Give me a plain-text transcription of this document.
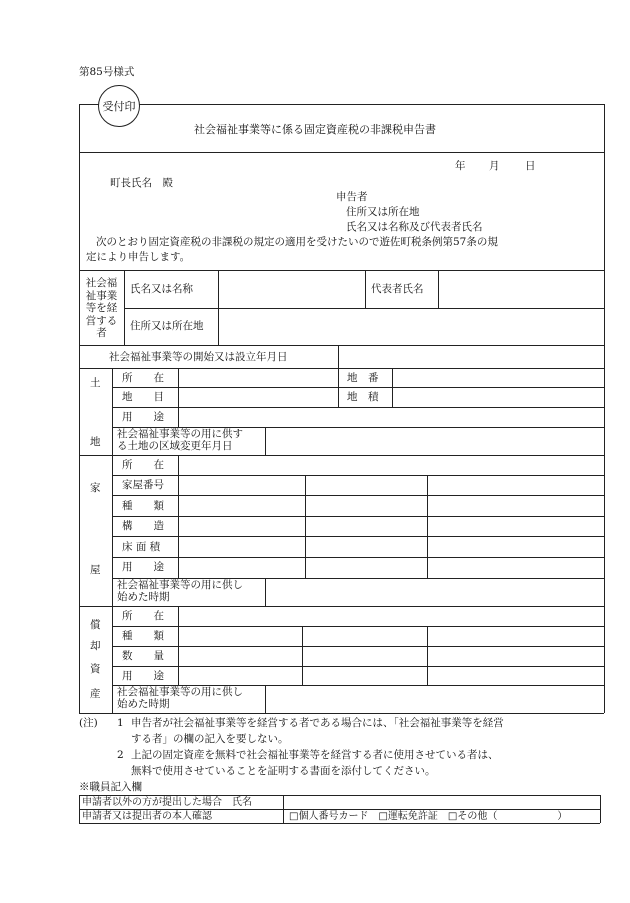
第85号様式
受付印
社会福祉事業等に係る固定資産税の非課税申告書
年 月 日
町長氏名　殿
申告者
住所又は所在地
氏名又は名称及び代表者氏名
次のとおり固定資産税の非課税の規定の適用を受けたいので遊佐町税条例第57条の規
定により申告します。
社会福
祉事業
等を経
営する
者
氏名又は名称	代表者氏名
住所又は所在地
社会福祉事業等の開始又は設立年月日
土
地
所　　在	地　番
地　　目	地　積
用　　途
社会福祉事業等の用に供す
る土地の区域変更年月日
家
屋
所　　在
家屋番号
種　　類
構　　造
床 面 積
用　　途
社会福祉事業等の用に供し
始めた時期
償
却
資
産
所　　在
種　　類
数　　量
用　　途
社会福祉事業等の用に供し
始めた時期
(注) 1 申告者が社会福祉事業等を経営する者である場合には、「社会福祉事業等を経営
する者」の欄の記入を要しない。
2 上記の固定資産を無料で社会福祉事業等を経営する者に使用させている者は、
無料で使用させていることを証明する書面を添付してください。
※職員記入欄
申請者以外の方が提出した場合　氏名
申請者又は提出者の本人確認	□個人番号カード　□運転免許証　□その他（　　　　　　）
